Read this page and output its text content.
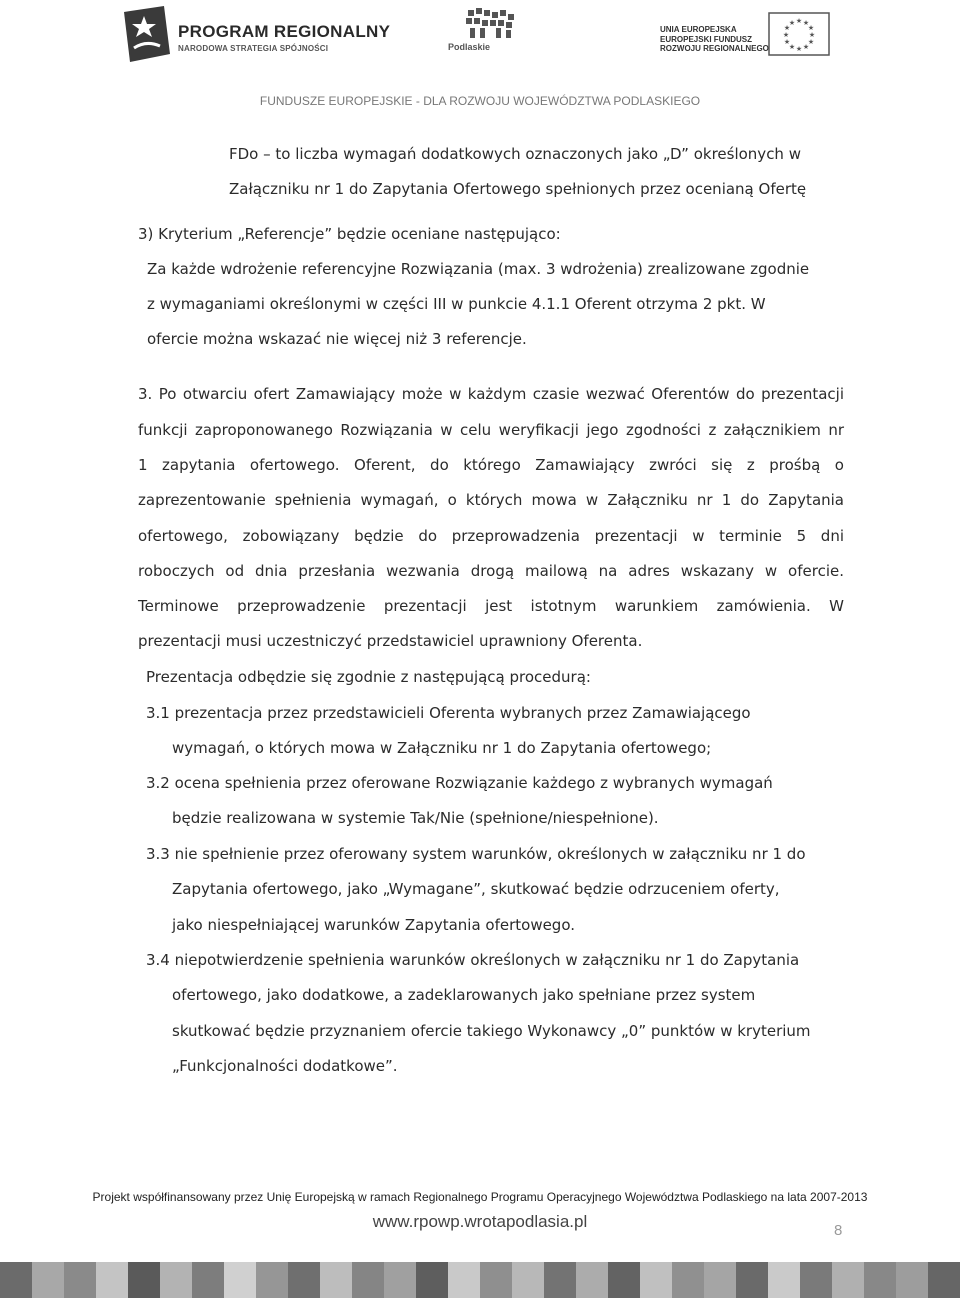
PROGRAM REGIONALNY
NARODOWA STRATEGIA SPÓJNOŚCI	Podlaskie
UNIA EUROPEJSKA
EUROPEJSKI FUNDUSZ
ROZWOJU REGIONALNEGO
★ ★
★
★
★
★
★
★
★
★
★
★
FUNDUSZE EUROPEJSKIE - DLA ROZWOJU WOJEWÓDZTWA PODLASKIEGO
FDo – to liczba wymagań dodatkowych oznaczonych jako „D” określonych w
Załączniku nr 1 do Zapytania Ofertowego spełnionych przez ocenianą Ofertę
3) Kryterium „Referencje” będzie oceniane następująco:
Za każde wdrożenie referencyjne Rozwiązania (max. 3 wdrożenia) zrealizowane zgodnie
z wymaganiami określonymi w części III w punkcie 4.1.1 Oferent otrzyma 2 pkt. W
ofercie można wskazać nie więcej niż 3 referencje.
3. Po otwarciu ofert Zamawiający może w każdym czasie wezwać Oferentów do prezentacji
funkcji zaproponowanego Rozwiązania w celu weryfikacji jego zgodności z załącznikiem nr
1 zapytania ofertowego. Oferent, do którego Zamawiający zwróci się z prośbą o
zaprezentowanie spełnienia wymagań, o których mowa w Załączniku nr 1 do Zapytania
ofertowego, zobowiązany będzie do przeprowadzenia prezentacji w terminie 5 dni
roboczych od dnia przesłania wezwania drogą mailową na adres wskazany w ofercie.
Terminowe przeprowadzenie prezentacji jest istotnym warunkiem zamówienia. W
prezentacji musi uczestniczyć przedstawiciel uprawniony Oferenta.
Prezentacja odbędzie się zgodnie z następującą procedurą:
3.1 prezentacja przez przedstawicieli Oferenta wybranych przez Zamawiającego
wymagań, o których mowa w Załączniku nr 1 do Zapytania ofertowego;
3.2 ocena spełnienia przez oferowane Rozwiązanie każdego z wybranych wymagań
będzie realizowana w systemie Tak/Nie (spełnione/niespełnione).
3.3 nie spełnienie przez oferowany system warunków, określonych w załączniku nr 1 do
Zapytania ofertowego, jako „Wymagane”, skutkować będzie odrzuceniem oferty,
jako niespełniającej warunków Zapytania ofertowego.
3.4 niepotwierdzenie spełnienia warunków określonych w załączniku nr 1 do Zapytania
ofertowego, jako dodatkowe, a zadeklarowanych jako spełniane przez system
skutkować będzie przyznaniem ofercie takiego Wykonawcy „0” punktów w kryterium
„Funkcjonalności dodatkowe”.
Projekt współfinansowany przez Unię Europejską w ramach Regionalnego Programu Operacyjnego Województwa Podlaskiego na lata 2007-2013
www.rpowp.wrotapodlasia.pl	8
